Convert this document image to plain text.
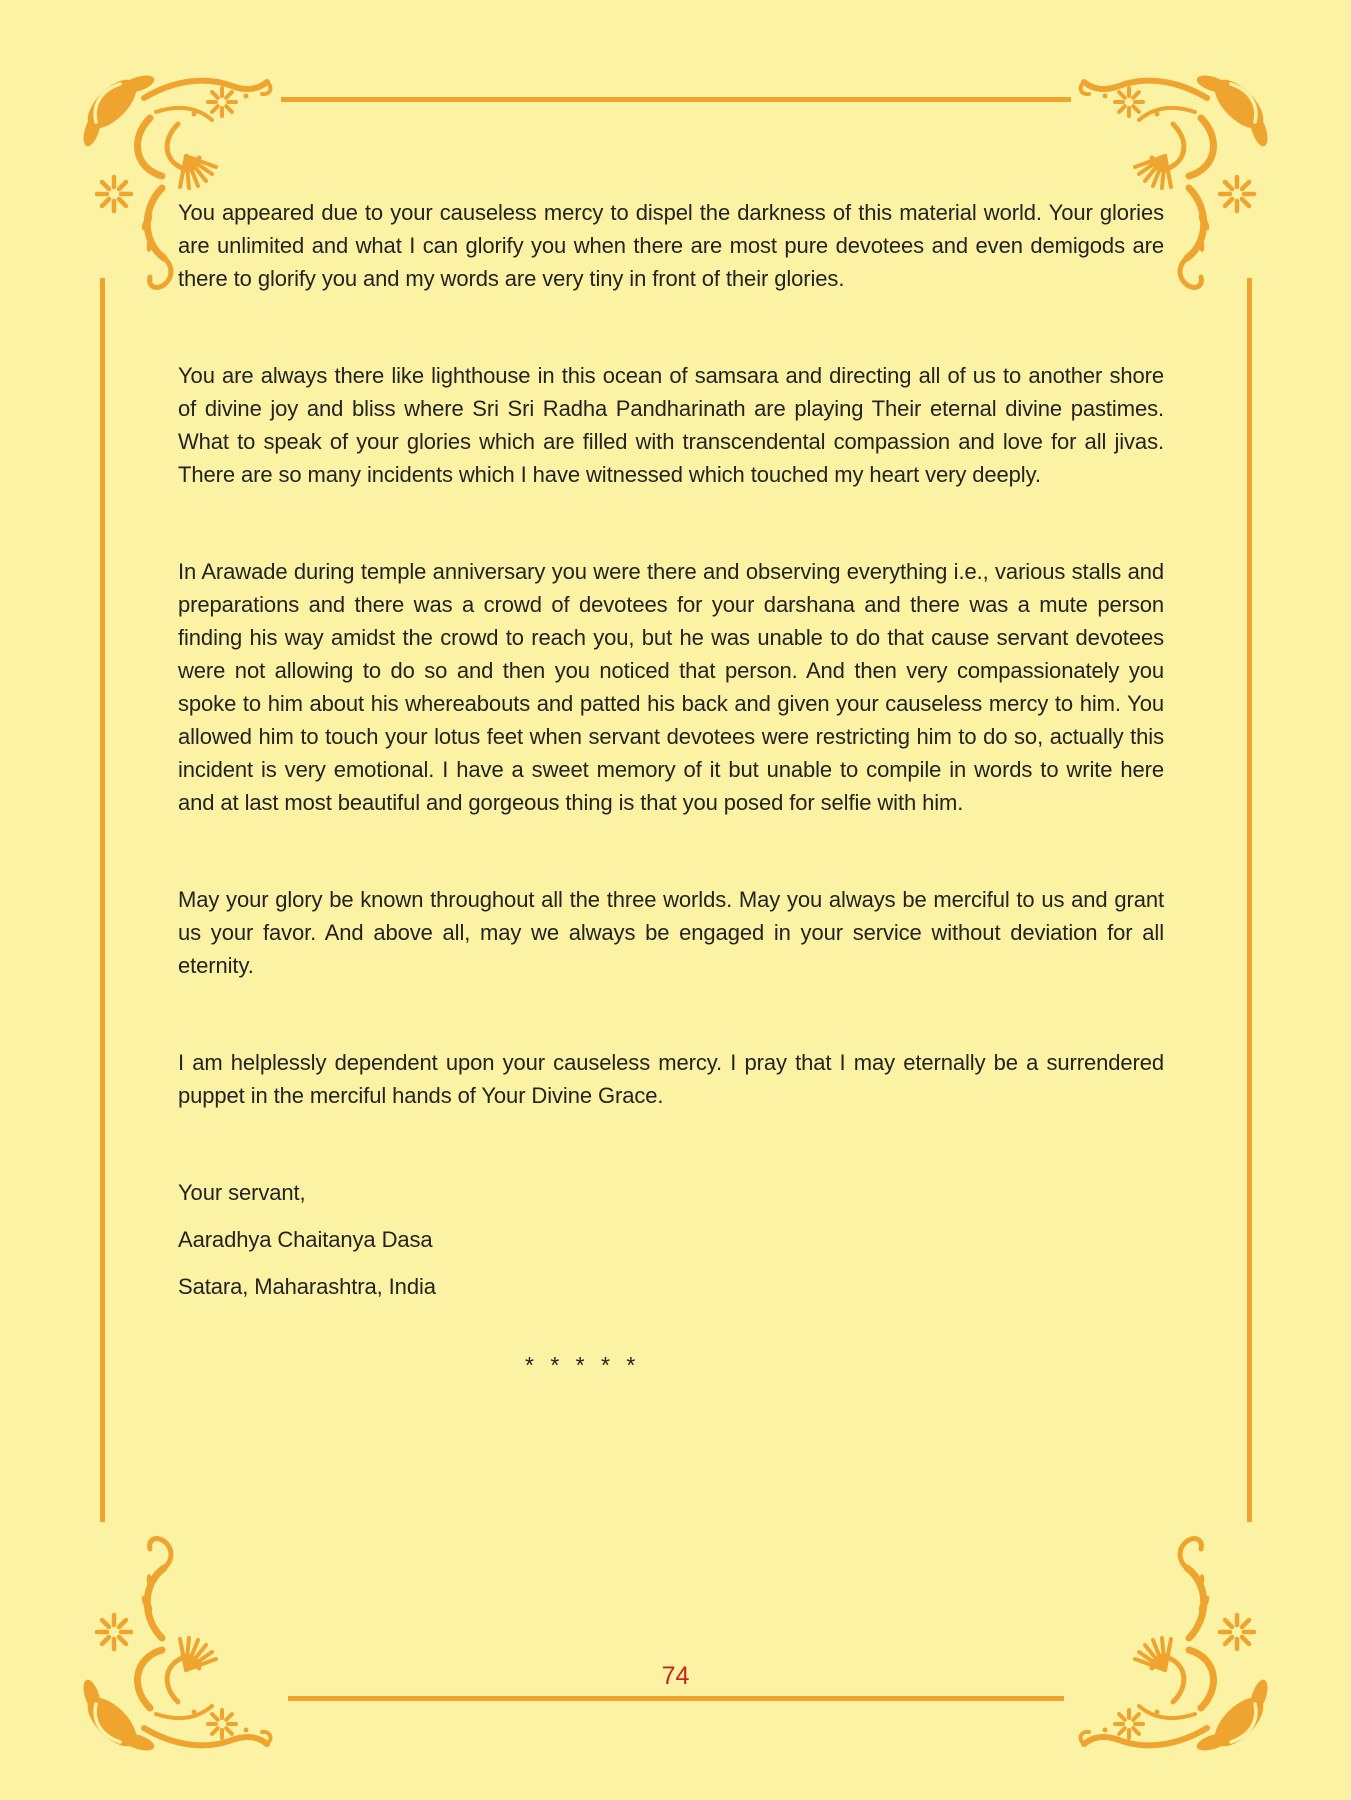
You appeared due to your causeless mercy to dispel the darkness of this material world. Your glories are unlimited and what I can glorify you when there are most pure devotees and even demigods are there to glorify you and my words are very tiny in front of their glories.

You are always there like lighthouse in this ocean of samsara and directing all of us to another shore of divine joy and bliss where Sri Sri Radha Pandharinath are playing Their eternal divine pastimes. What to speak of your glories which are filled with transcendental compassion and love for all jivas. There are so many incidents which I have witnessed which touched my heart very deeply.

In Arawade during temple anniversary you were there and observing everything i.e., various stalls and preparations and there was a crowd of devotees for your darshana and there was a mute person finding his way amidst the crowd to reach you, but he was unable to do that cause servant devotees were not allowing to do so and then you noticed that person. And then very compassionately you spoke to him about his whereabouts and patted his back and given your causeless mercy to him. You allowed him to touch your lotus feet when servant devotees were restricting him to do so, actually this incident is very emotional. I have a sweet memory of it but unable to compile in words to write here and at last most beautiful and gorgeous thing is that you posed for selfie with him.

May your glory be known throughout all the three worlds. May you always be merciful to us and grant us your favor. And above all, may we always be engaged in your service without deviation for all eternity.

I am helplessly dependent upon your causeless mercy. I pray that I may eternally be a surrendered puppet in the merciful hands of Your Divine Grace.

Your servant,
Aaradhya Chaitanya Dasa
Satara, Maharashtra, India
* * * * *
74
